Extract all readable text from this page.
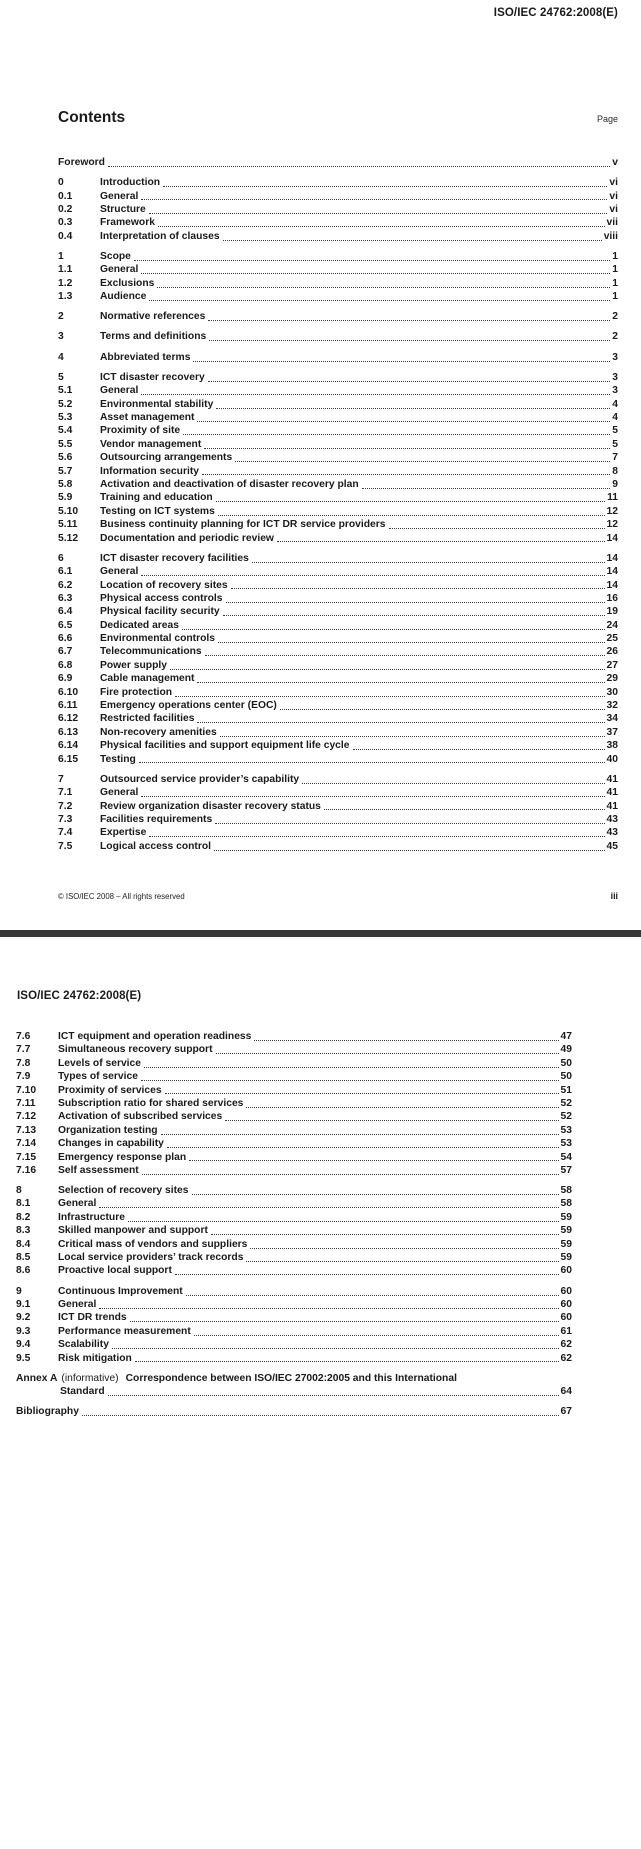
ISO/IEC 24762:2008(E)
Contents	Page
Foreword	v
0	Introduction	vi
0.1	General	vi
0.2	Structure	vi
0.3	Framework	vii
0.4	Interpretation of clauses	viii
1	Scope	1
1.1	General	1
1.2	Exclusions	1
1.3	Audience	1
2	Normative references	2
3	Terms and definitions	2
4	Abbreviated terms	3
5	ICT disaster recovery	3
5.1	General	3
5.2	Environmental stability	4
5.3	Asset management	4
5.4	Proximity of site	5
5.5	Vendor management	5
5.6	Outsourcing arrangements	7
5.7	Information security	8
5.8	Activation and deactivation of disaster recovery plan	9
5.9	Training and education	11
5.10	Testing on ICT systems	12
5.11	Business continuity planning for ICT DR service providers	12
5.12	Documentation and periodic review	14
6	ICT disaster recovery facilities	14
6.1	General	14
6.2	Location of recovery sites	14
6.3	Physical access controls	16
6.4	Physical facility security	19
6.5	Dedicated areas	24
6.6	Environmental controls	25
6.7	Telecommunications	26
6.8	Power supply	27
6.9	Cable management	29
6.10	Fire protection	30
6.11	Emergency operations center (EOC)	32
6.12	Restricted facilities	34
6.13	Non-recovery amenities	37
6.14	Physical facilities and support equipment life cycle	38
6.15	Testing	40
7	Outsourced service provider’s capability	41
7.1	General	41
7.2	Review organization disaster recovery status	41
7.3	Facilities requirements	43
7.4	Expertise	43
7.5	Logical access control	45
© ISO/IEC 2008 – All rights reserved	iii
ISO/IEC 24762:2008(E)
7.6	ICT equipment and operation readiness	47
7.7	Simultaneous recovery support	49
7.8	Levels of service	50
7.9	Types of service	50
7.10	Proximity of services	51
7.11	Subscription ratio for shared services	52
7.12	Activation of subscribed services	52
7.13	Organization testing	53
7.14	Changes in capability	53
7.15	Emergency response plan	54
7.16	Self assessment	57
8	Selection of recovery sites	58
8.1	General	58
8.2	Infrastructure	59
8.3	Skilled manpower and support	59
8.4	Critical mass of vendors and suppliers	59
8.5	Local service providers’ track records	59
8.6	Proactive local support	60
9	Continuous Improvement	60
9.1	General	60
9.2	ICT DR trends	60
9.3	Performance measurement	61
9.4	Scalability	62
9.5	Risk mitigation	62
Annex A (informative) Correspondence between ISO/IEC 27002:2005 and this International
Standard	64
Bibliography	67
